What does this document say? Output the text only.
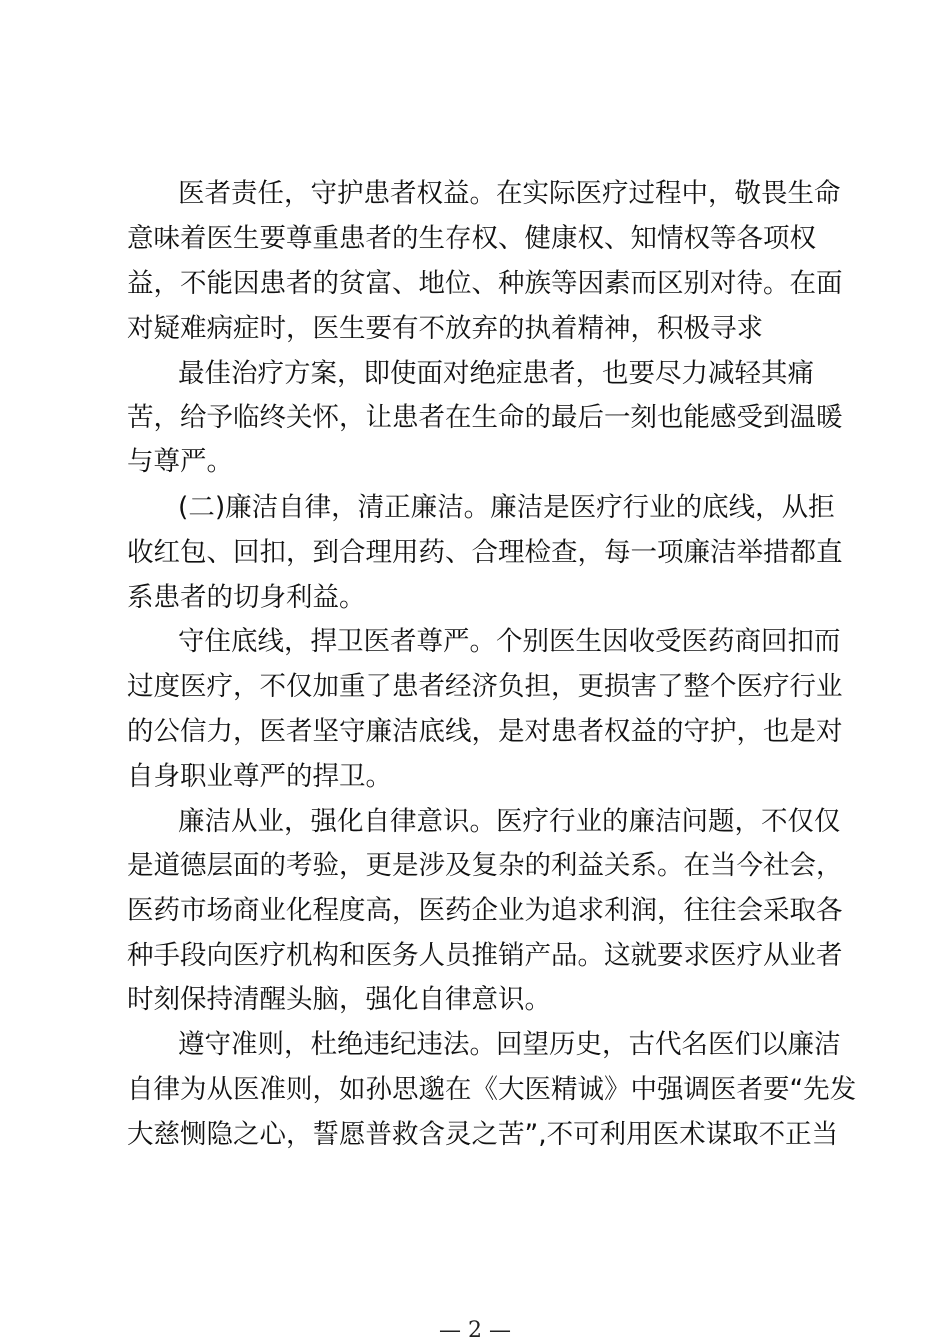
医者责任，守护患者权益。在实际医疗过程中，敬畏生命
意味着医生要尊重患者的生存权、健康权、知情权等各项权
益，不能因患者的贫富、地位、种族等因素而区别对待。在面
对疑难病症时，医生要有不放弃的执着精神，积极寻求
最佳治疗方案，即使面对绝症患者，也要尽力减轻其痛
苦，给予临终关怀，让患者在生命的最后一刻也能感受到温暖
与尊严。
(二)廉洁自律，清正廉洁。廉洁是医疗行业的底线，从拒
收红包、回扣，到合理用药、合理检查，每一项廉洁举措都直
系患者的切身利益。
守住底线，捍卫医者尊严。个别医生因收受医药商回扣而
过度医疗，不仅加重了患者经济负担，更损害了整个医疗行业
的公信力，医者坚守廉洁底线，是对患者权益的守护，也是对
自身职业尊严的捍卫。
廉洁从业，强化自律意识。医疗行业的廉洁问题，不仅仅
是道德层面的考验，更是涉及复杂的利益关系。在当今社会，
医药市场商业化程度高，医药企业为追求利润，往往会采取各
种手段向医疗机构和医务人员推销产品。这就要求医疗从业者
时刻保持清醒头脑，强化自律意识。
遵守准则，杜绝违纪违法。回望历史，古代名医们以廉洁
自律为从医准则，如孙思邈在《大医精诚》中强调医者要“先发
大慈恻隐之心，誓愿普救含灵之苦”,不可利用医术谋取不正当
— 2 —
